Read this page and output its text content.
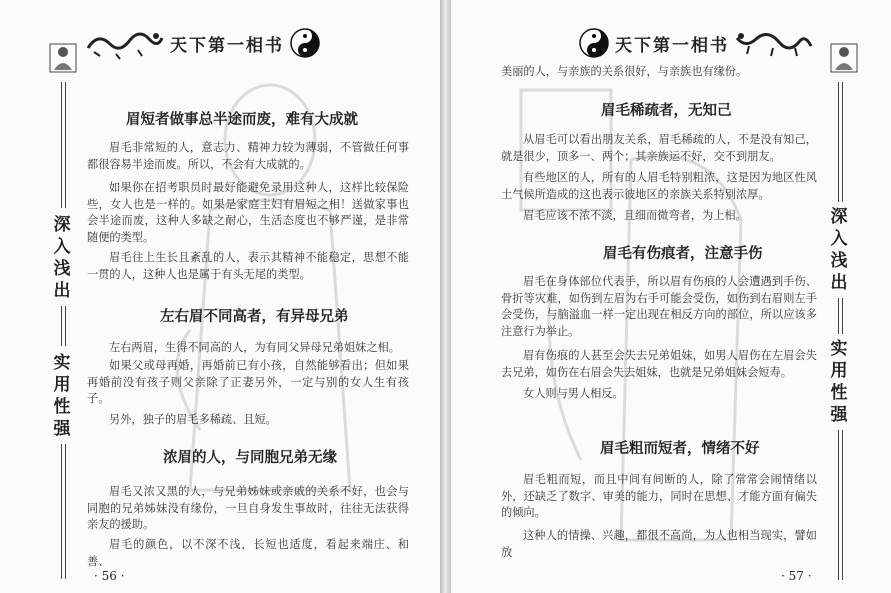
天下第一相书
深
入
浅
出
实
用
性
强
眉短者做事总半途而废，难有大成就

眉毛非常短的人，意志力、精神力较为薄弱，不管做任何事都很容易半途而废。所以，不会有大成就的。

如果你在招考职员时最好能避免录用这种人，这样比较保险些，女人也是一样的。如果是家庭主妇有眉短之相！送做家事也会半途而废，这种人多缺之耐心，生活态度也不够严谨，是非常随便的类型。

眉毛往上生长且紊乱的人，表示其精神不能稳定，思想不能一贯的人，这种人也是属于有头无尾的类型。

左右眉不同高者，有异母兄弟

左右两眉，生得不同高的人，为有同父异母兄弟姐妹之相。

如果父或母再婚，再婚前已有小孩，自然能够看出；但如果再婚前没有孩子则父亲除了正妻另外，一定与别的女人生有孩子。

另外，独子的眉毛多稀疏、且短。

浓眉的人，与同胞兄弟无缘

眉毛又浓又黑的人，与兄弟姊妹或亲戚的关系不好，也会与同胞的兄弟姊妹没有缘份，一旦自身发生事故时，往往无法获得亲友的援助。

眉毛的颜色，以不深不浅，长短也适度，看起来端庄、和善、

· 56 ·
天下第一相书
深
入
浅
出
实
用
性
强

美丽的人，与亲族的关系很好，与亲族也有缘份。

眉毛稀疏者，无知己

从眉毛可以看出朋友关系，眉毛稀疏的人，不是没有知己，就是很少，顶多一、两个；其亲族运不好，交不到朋友。

有些地区的人，所有的人眉毛特别粗浓，这是因为地区性风土气候所造成的这也表示彼地区的亲族关系特别浓厚。

眉毛应该不浓不淡，且细而微弯者，为上相。

眉毛有伤痕者，注意手伤

眉毛在身体部位代表手，所以眉有伤痕的人会遭遇到手伤、骨折等灾难，如伤到左眉为右手可能会受伤，如伤到右眉则左手会受伤，与脑溢血一样一定出现在相反方向的部位，所以应该多注意行为举止。

眉有伤痕的人甚至会失去兄弟姐妹，如男人眉伤在左眉会失去兄弟，如伤在右眉会失去姐妹，也就是兄弟姐妹会短寿。

女人则与男人相反。

眉毛粗而短者，情绪不好

眉毛粗而短，而且中间有间断的人，除了常常会闹情绪以外，还缺乏了数字、审美的能力，同时在思想、才能方面有偏失的倾向。

这种人的情操、兴趣，都很不高尚，为人也相当现实，譬如放

· 57 ·
